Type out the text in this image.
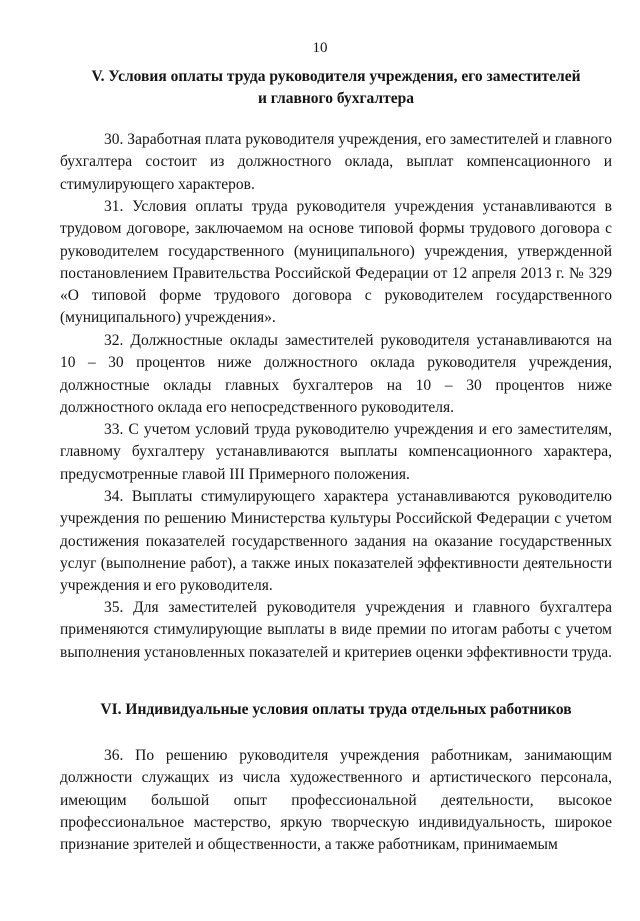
10
V. Условия оплаты труда руководителя учреждения, его заместителей
и главного бухгалтера

30. Заработная плата руководителя учреждения, его заместителей и главного бухгалтера состоит из должностного оклада, выплат компенсационного и стимулирующего характеров.

31. Условия оплаты труда руководителя учреждения устанавливаются в трудовом договоре, заключаемом на основе типовой формы трудового договора с руководителем государственного (муниципального) учреждения, утвержденной постановлением Правительства Российской Федерации от 12 апреля 2013 г. № 329 «О типовой форме трудового договора с руководителем государственного (муниципального) учреждения».

32. Должностные оклады заместителей руководителя устанавливаются на 10 – 30 процентов ниже должностного оклада руководителя учреждения, должностные оклады главных бухгалтеров на 10 – 30 процентов ниже должностного оклада его непосредственного руководителя.

33. С учетом условий труда руководителю учреждения и его заместителям, главному бухгалтеру устанавливаются выплаты компенсационного характера, предусмотренные главой III Примерного положения.

34. Выплаты стимулирующего характера устанавливаются руководителю учреждения по решению Министерства культуры Российской Федерации с учетом достижения показателей государственного задания на оказание государственных услуг (выполнение работ), а также иных показателей эффективности деятельности учреждения и его руководителя.

35. Для заместителей руководителя учреждения и главного бухгалтера применяются стимулирующие выплаты в виде премии по итогам работы с учетом выполнения установленных показателей и критериев оценки эффективности труда.

VI. Индивидуальные условия оплаты труда отдельных работников

36. По решению руководителя учреждения работникам, занимающим должности служащих из числа художественного и артистического персонала, имеющим большой опыт профессиональной деятельности, высокое профессиональное мастерство, яркую творческую индивидуальность, широкое признание зрителей и общественности, а также работникам, принимаемым
